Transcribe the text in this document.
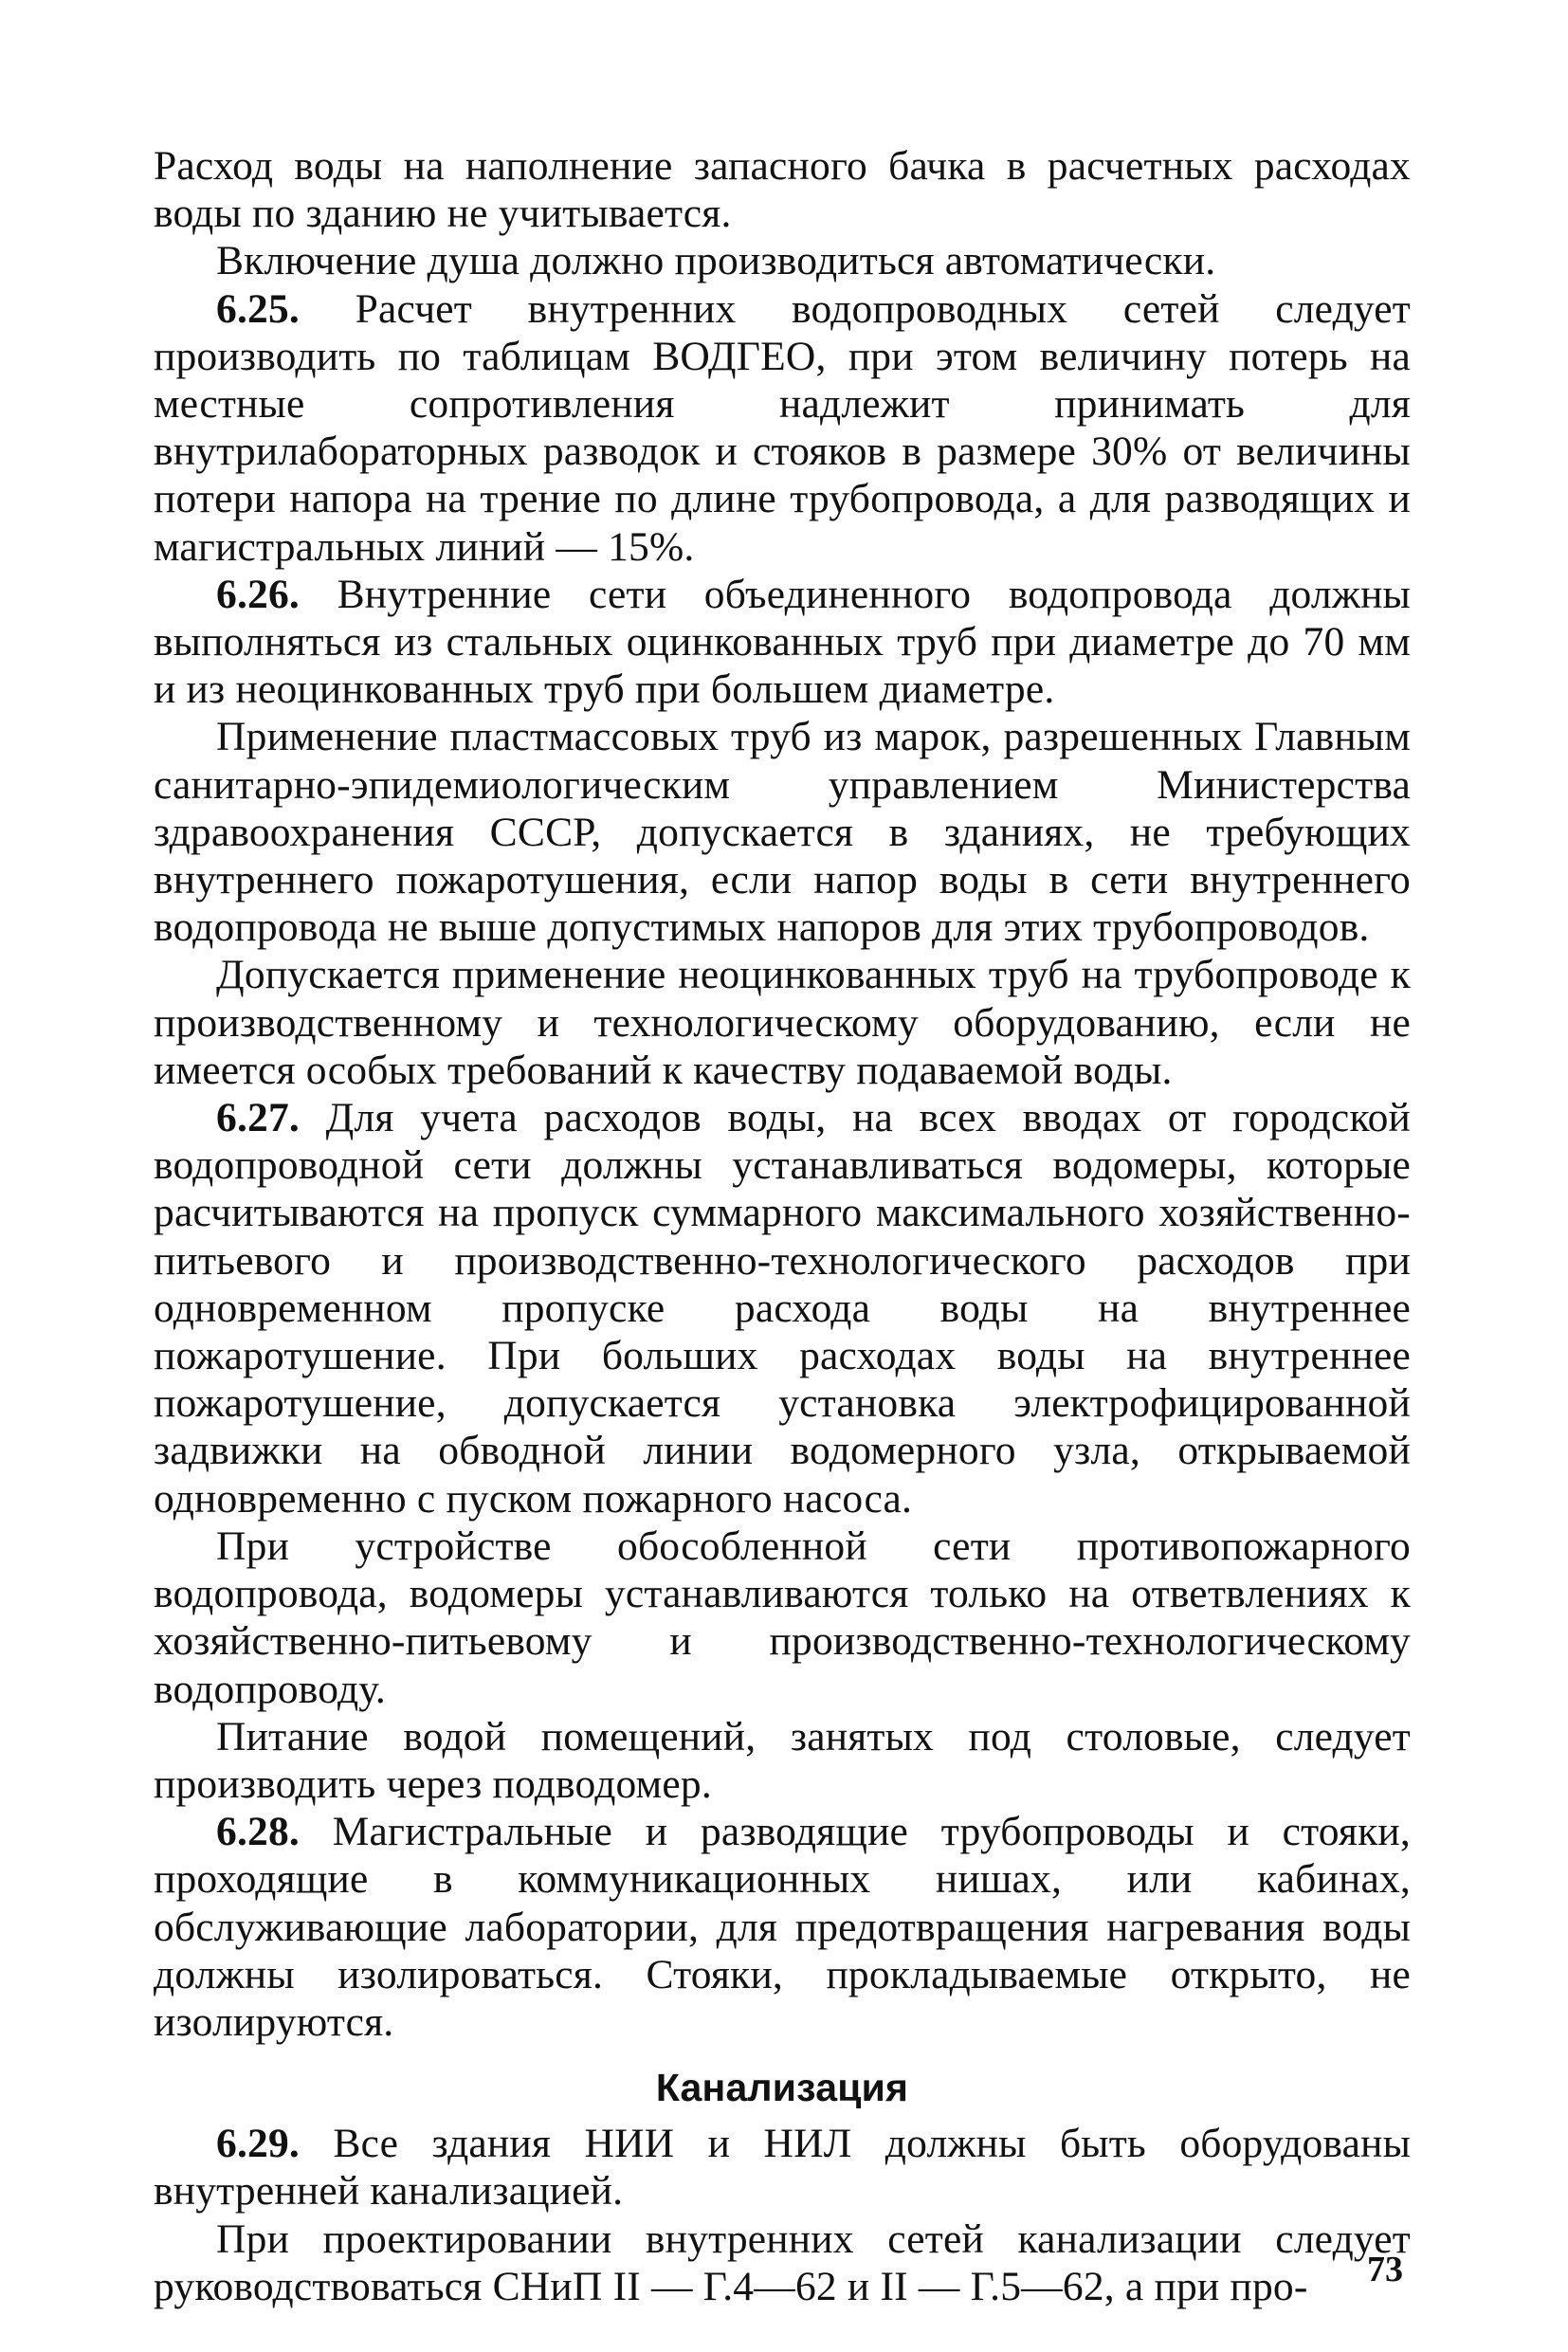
Расход воды на наполнение запасного бачка в расчетных расходах воды по зданию не учитывается.

Включение душа должно производиться автоматически.

6.25. Расчет внутренних водопроводных сетей следует производить по таблицам ВОДГЕО, при этом величину потерь на местные сопротивления надлежит принимать для внутрилабораторных разводок и стояков в размере 30% от величины потери напора на трение по длине трубопровода, а для разводящих и магистральных линий — 15%.

6.26. Внутренние сети объединенного водопровода должны выполняться из стальных оцинкованных труб при диаметре до 70 мм и из неоцинкованных труб при большем диаметре.

Применение пластмассовых труб из марок, разрешенных Главным санитарно-эпидемиологическим управлением Министерства здравоохранения СССР, допускается в зданиях, не требующих внутреннего пожаротушения, если напор воды в сети внутреннего водопровода не выше допустимых напоров для этих трубопроводов.

Допускается применение неоцинкованных труб на трубопроводе к производственному и технологическому оборудованию, если не имеется особых требований к качеству подаваемой воды.

6.27. Для учета расходов воды, на всех вводах от городской водопроводной сети должны устанавливаться водомеры, которые расчитываются на пропуск суммарного максимального хозяйственно-питьевого и производственно-технологического расходов при одновременном пропуске расхода воды на внутреннее пожаротушение. При больших расходах воды на внутреннее пожаротушение, допускается установка электрофицированной задвижки на обводной линии водомерного узла, открываемой одновременно с пуском пожарного насоса.

При устройстве обособленной сети противопожарного водопровода, водомеры устанавливаются только на ответвлениях к хозяйственно-питьевому и производственно-технологическому водопроводу.

Питание водой помещений, занятых под столовые, следует производить через подводомер.

6.28. Магистральные и разводящие трубопроводы и стояки, проходящие в коммуникационных нишах, или кабинах, обслуживающие лаборатории, для предотвращения нагревания воды должны изолироваться. Стояки, прокладываемые открыто, не изолируются.

Канализация

6.29. Все здания НИИ и НИЛ должны быть оборудованы внутренней канализацией.

При проектировании внутренних сетей канализации следует руководствоваться СНиП II — Г.4—62 и II — Г.5—62, а при про-	73
